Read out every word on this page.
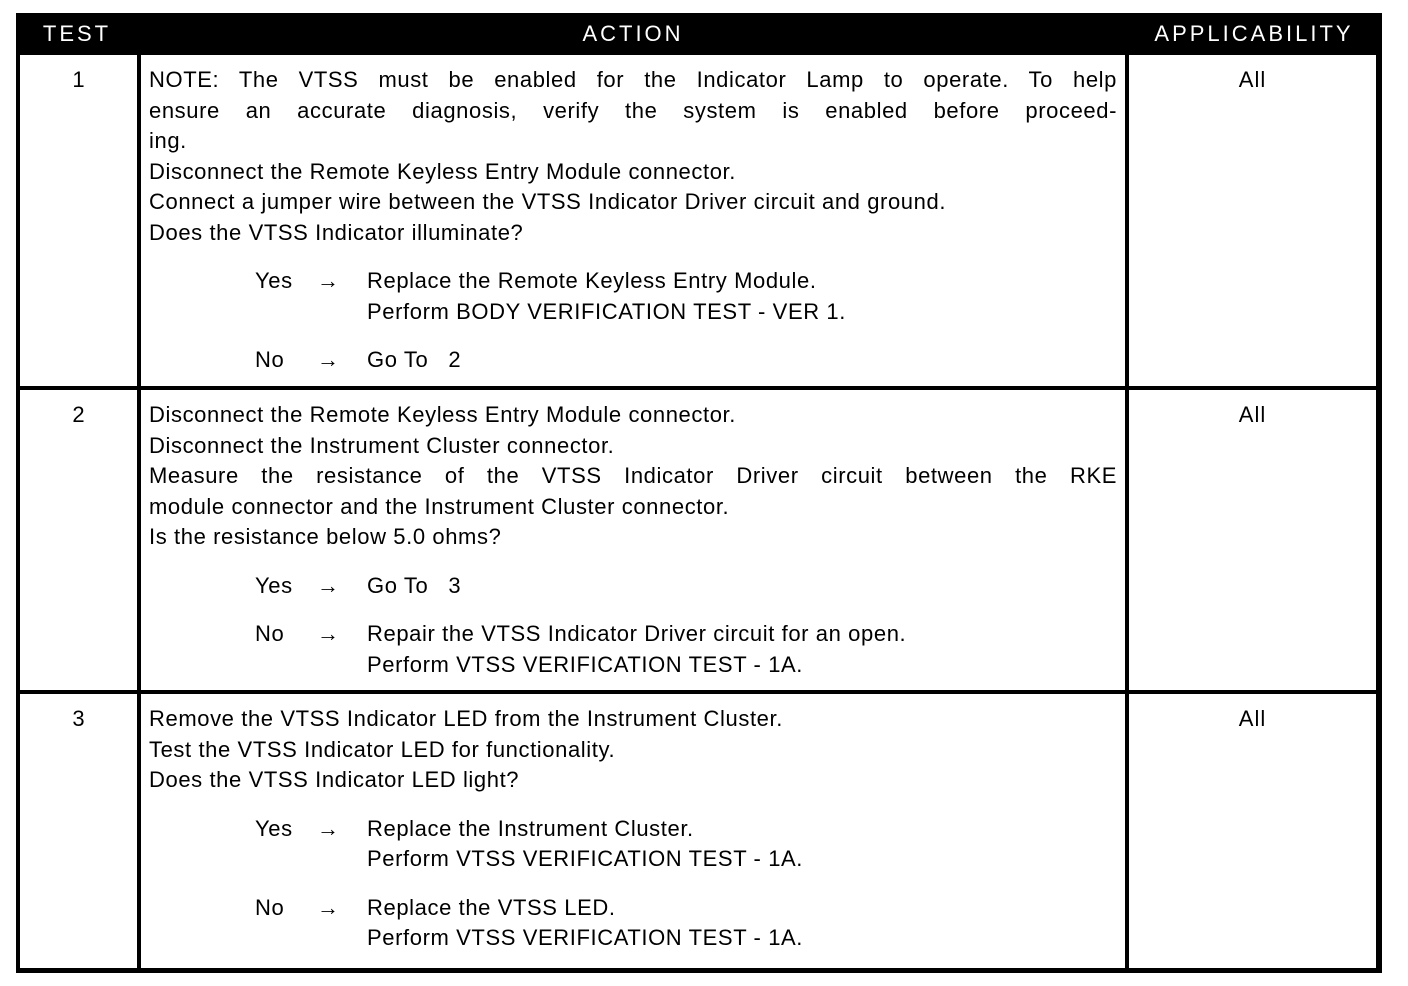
TEST	ACTION	APPLICABILITY
1	NOTE: The VTSS must be enabled for the Indicator Lamp to operate. To help
ensure an accurate diagnosis, verify the system is enabled before proceed-
ing.
Disconnect the Remote Keyless Entry Module connector.
Connect a jumper wire between the VTSS Indicator Driver circuit and ground.
Does the VTSS Indicator illuminate?
Yes	→	Replace the Remote Keyless Entry Module.
Perform BODY VERIFICATION TEST - VER 1.
No	→	Go To   2
All
2	Disconnect the Remote Keyless Entry Module connector.
Disconnect the Instrument Cluster connector.
Measure the resistance of the VTSS Indicator Driver circuit between the RKE
module connector and the Instrument Cluster connector.
Is the resistance below 5.0 ohms?
Yes	→	Go To   3
No	→	Repair the VTSS Indicator Driver circuit for an open.
Perform VTSS VERIFICATION TEST - 1A.
All
3	Remove the VTSS Indicator LED from the Instrument Cluster.
Test the VTSS Indicator LED for functionality.
Does the VTSS Indicator LED light?
Yes	→	Replace the Instrument Cluster.
Perform VTSS VERIFICATION TEST - 1A.
No	→	Replace the VTSS LED.
Perform VTSS VERIFICATION TEST - 1A.
All
